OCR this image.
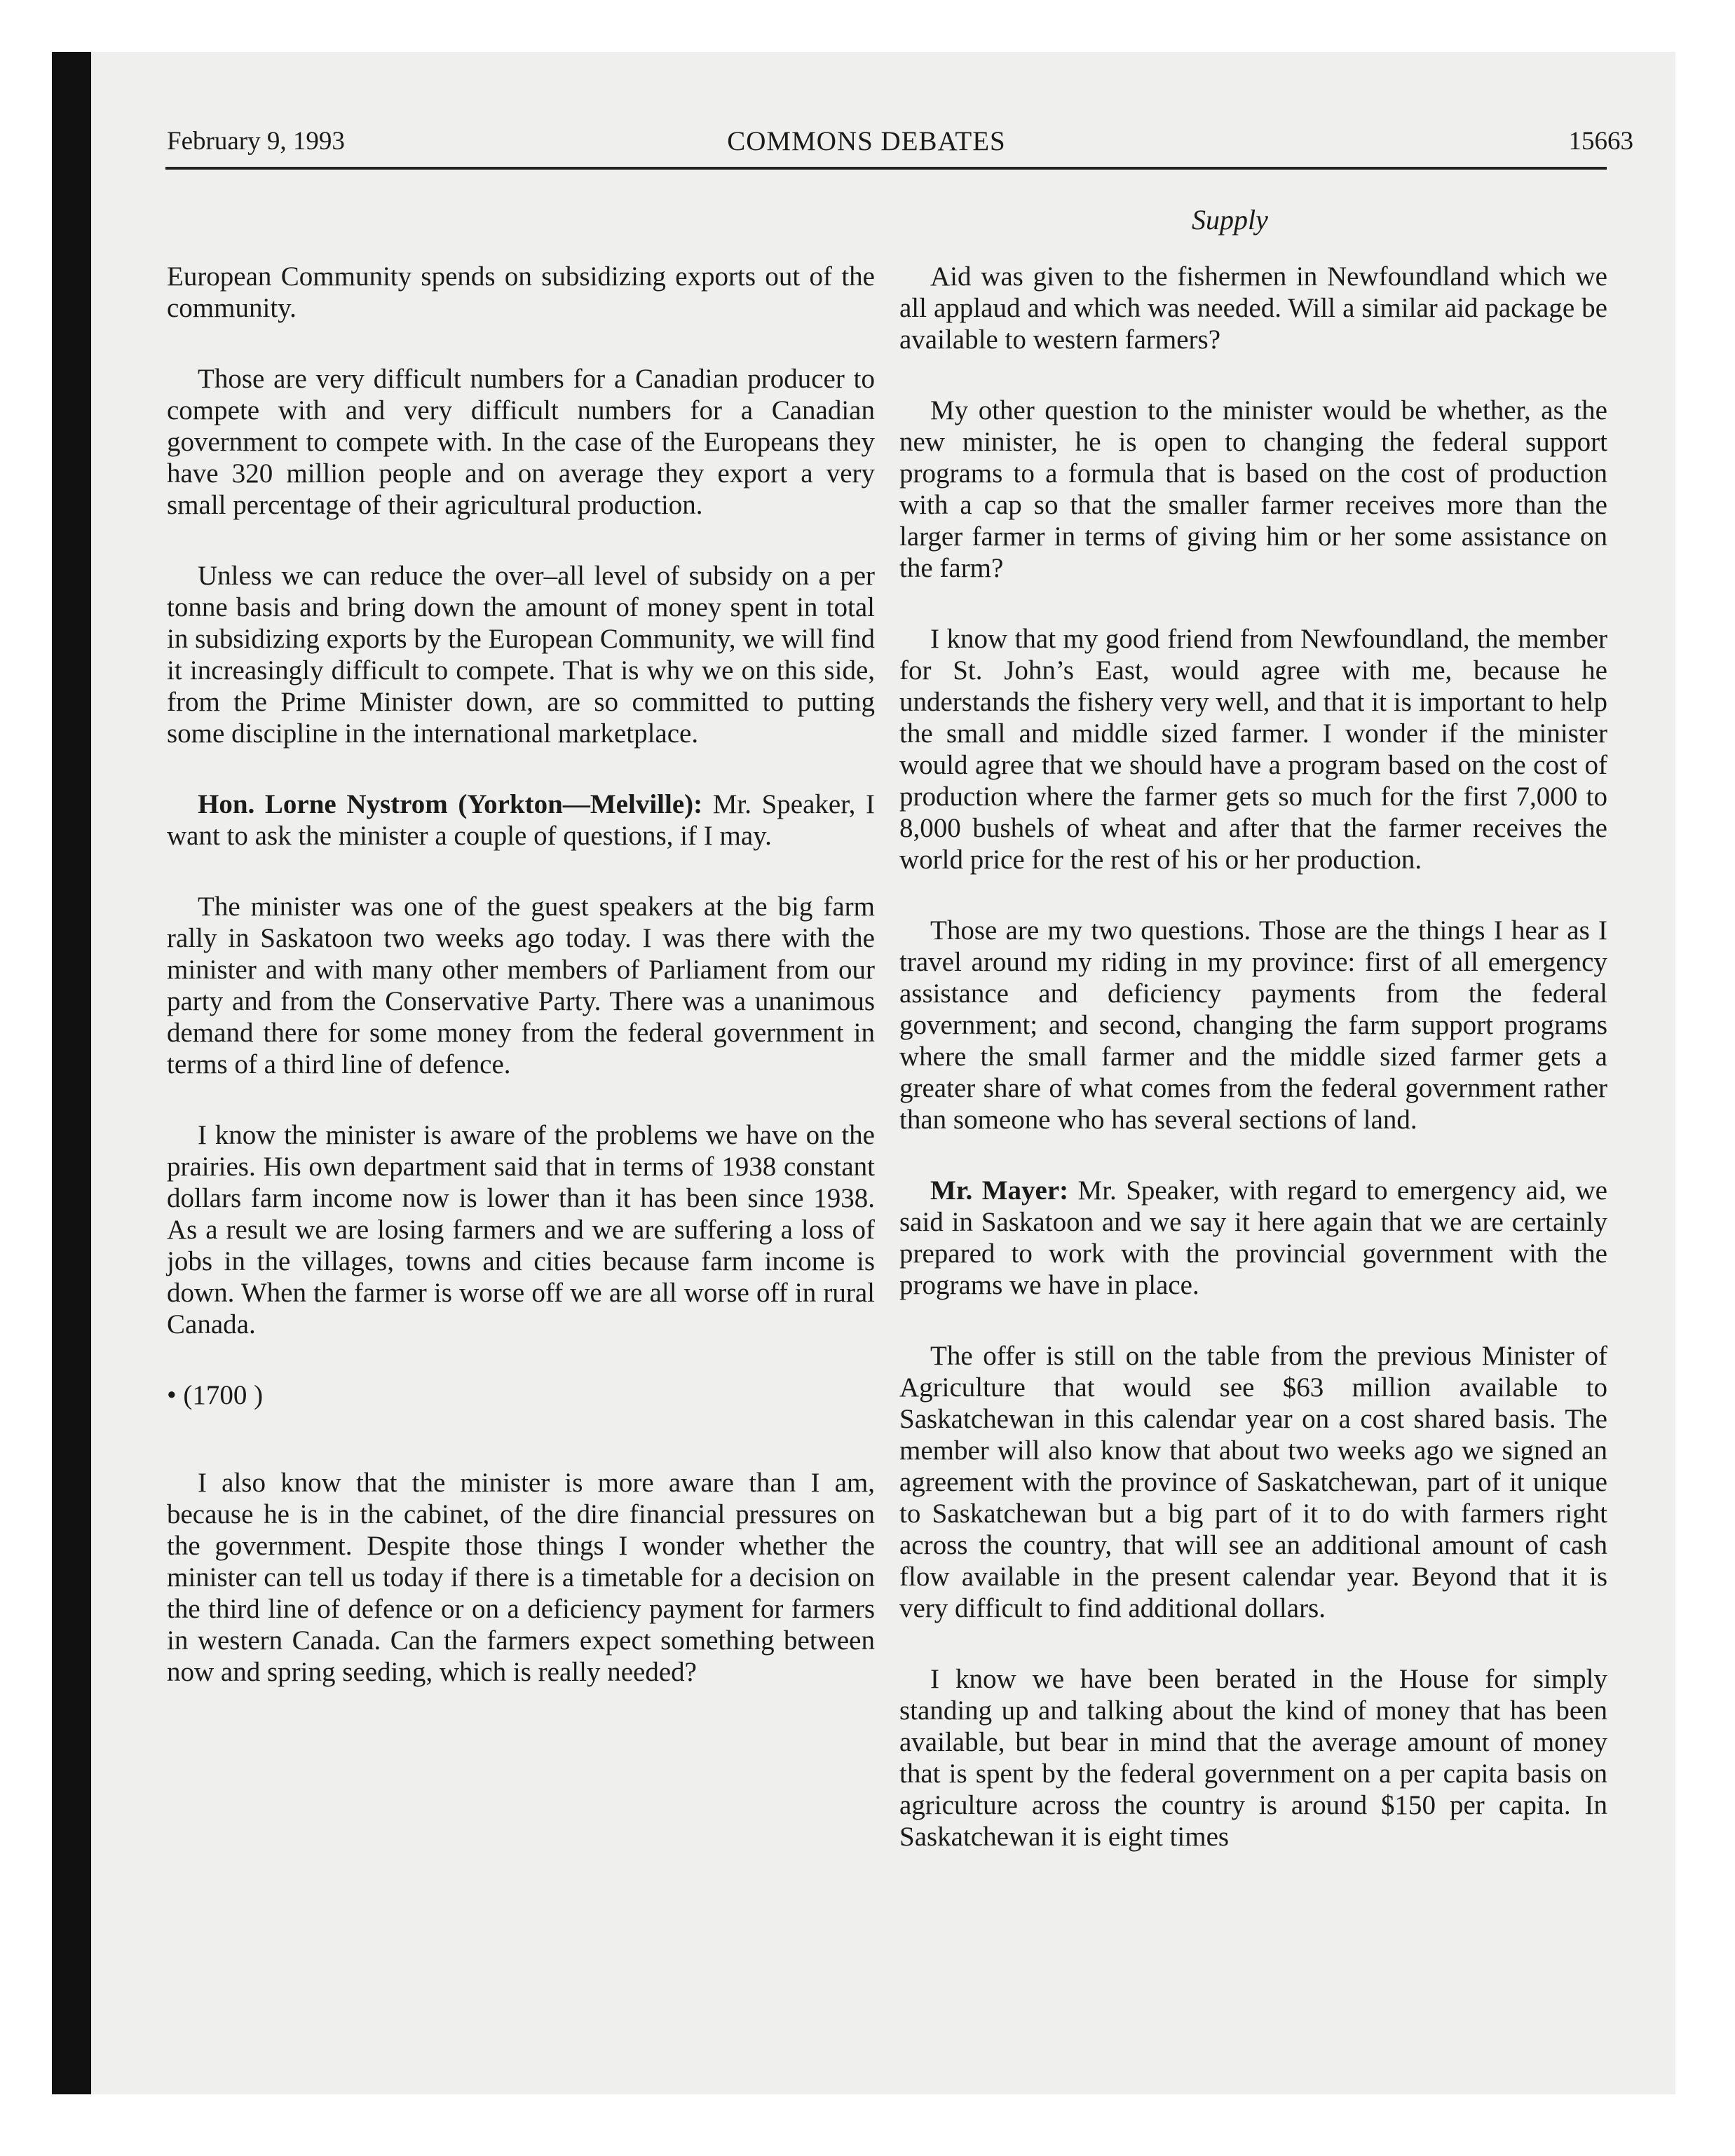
February 9, 1993	COMMONS DEBATES	15663
Supply

European Community spends on subsidizing exports out of the community.

Those are very difficult numbers for a Canadian producer to compete with and very difficult numbers for a Canadian government to compete with. In the case of the Europeans they have 320 million people and on average they export a very small percentage of their agricultural production.

Unless we can reduce the over–all level of subsidy on a per tonne basis and bring down the amount of money spent in total in subsidizing exports by the European Community, we will find it increasingly difficult to compete. That is why we on this side, from the Prime Minister down, are so committed to putting some discipline in the international marketplace.

Hon. Lorne Nystrom (Yorkton—Melville): Mr. Speaker, I want to ask the minister a couple of questions, if I may.

The minister was one of the guest speakers at the big farm rally in Saskatoon two weeks ago today. I was there with the minister and with many other members of Parliament from our party and from the Conservative Party. There was a unanimous demand there for some money from the federal government in terms of a third line of defence.

I know the minister is aware of the problems we have on the prairies. His own department said that in terms of 1938 constant dollars farm income now is lower than it has been since 1938. As a result we are losing farmers and we are suffering a loss of jobs in the villages, towns and cities because farm income is down. When the farmer is worse off we are all worse off in rural Canada.

• (1700 )

I also know that the minister is more aware than I am, because he is in the cabinet, of the dire financial pressures on the government. Despite those things I wonder whether the minister can tell us today if there is a timetable for a decision on the third line of defence or on a deficiency payment for farmers in western Canada. Can the farmers expect something between now and spring seeding, which is really needed?

Aid was given to the fishermen in Newfoundland which we all applaud and which was needed. Will a similar aid package be available to western farmers?

My other question to the minister would be whether, as the new minister, he is open to changing the federal support programs to a formula that is based on the cost of production with a cap so that the smaller farmer receives more than the larger farmer in terms of giving him or her some assistance on the farm?

I know that my good friend from Newfoundland, the member for St. John’s East, would agree with me, because he understands the fishery very well, and that it is important to help the small and middle sized farmer. I wonder if the minister would agree that we should have a program based on the cost of production where the farmer gets so much for the first 7,000 to 8,000 bushels of wheat and after that the farmer receives the world price for the rest of his or her production.

Those are my two questions. Those are the things I hear as I travel around my riding in my province: first of all emergency assistance and deficiency payments from the federal government; and second, changing the farm support programs where the small farmer and the middle sized farmer gets a greater share of what comes from the federal government rather than someone who has several sections of land.

Mr. Mayer: Mr. Speaker, with regard to emergency aid, we said in Saskatoon and we say it here again that we are certainly prepared to work with the provincial government with the programs we have in place.

The offer is still on the table from the previous Minister of Agriculture that would see $63 million available to Saskatchewan in this calendar year on a cost shared basis. The member will also know that about two weeks ago we signed an agreement with the province of Saskatchewan, part of it unique to Saskatchewan but a big part of it to do with farmers right across the country, that will see an additional amount of cash flow available in the present calendar year. Beyond that it is very difficult to find additional dollars.

I know we have been berated in the House for simply standing up and talking about the kind of money that has been available, but bear in mind that the average amount of money that is spent by the federal government on a per capita basis on agriculture across the country is around $150 per capita. In Saskatchewan it is eight times
